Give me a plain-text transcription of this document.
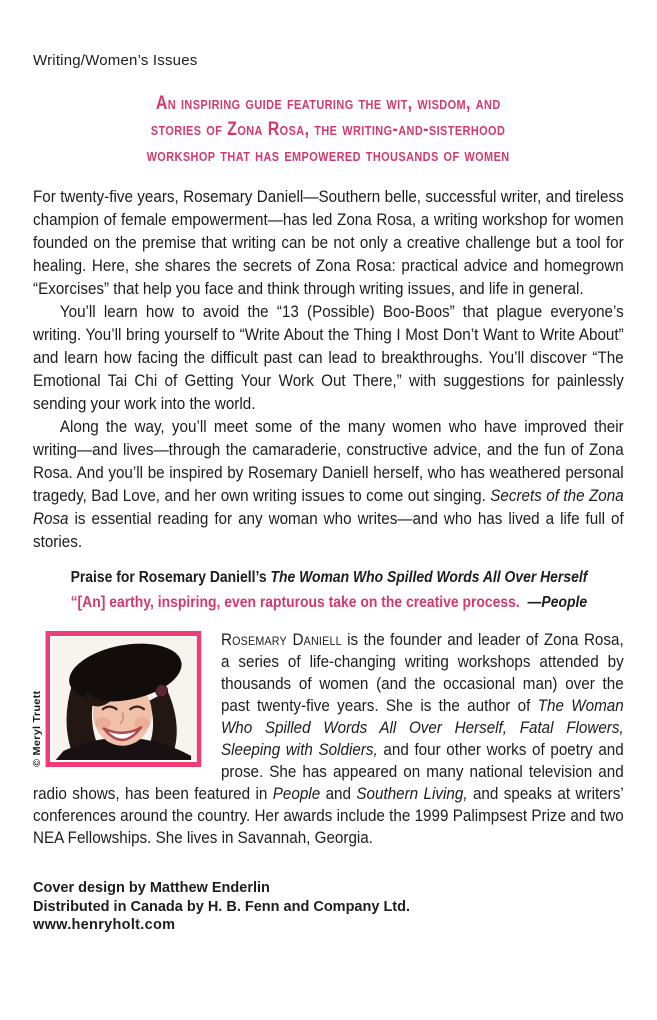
Writing/Women’s Issues
An inspiring guide featuring the wit, wisdom, and
stories of Zona Rosa, the writing-and-sisterhood
workshop that has empowered thousands of women

For twenty-five years, Rosemary Daniell—Southern belle, successful writer, and tireless champion of female empowerment—has led Zona Rosa, a writing workshop for women founded on the premise that writing can be not only a creative challenge but a tool for healing. Here, she shares the secrets of Zona Rosa: practical advice and homegrown “Exorcises” that help you face and think through writing issues, and life in general.

You’ll learn how to avoid the “13 (Possible) Boo-Boos” that plague everyone’s writing. You’ll bring yourself to “Write About the Thing I Most Don’t Want to Write About” and learn how facing the difficult past can lead to breakthroughs. You’ll discover “The Emotional Tai Chi of Getting Your Work Out There,” with suggestions for painlessly sending your work into the world.

Along the way, you’ll meet some of the many women who have improved their writing—and lives—through the camaraderie, constructive advice, and the fun of Zona Rosa. And you’ll be inspired by Rosemary Daniell herself, who has weathered personal tragedy, Bad Love, and her own writing issues to come out singing. Secrets of the Zona Rosa is essential reading for any woman who writes—and who has lived a life full of stories.

Praise for Rosemary Daniell’s The Woman Who Spilled Words All Over Herself
“[An] earthy, inspiring, even rapturous take on the creative process.  —People
© Meryl Truett
Rosemary Daniell is the founder and leader of Zona Rosa, a series of life-changing writing workshops attended by thousands of women (and the occasional man) over the past twenty-five years. She is the author of The Woman Who Spilled Words All Over Herself, Fatal Flowers, Sleeping with Soldiers, and four other works of poetry and prose. She has appeared on many national television and radio shows, has been featured in People and Southern Living, and speaks at writers’ conferences around the country. Her awards include the 1999 Palimpsest Prize and two NEA Fellowships. She lives in Savannah, Georgia.
Cover design by Matthew Enderlin
Distributed in Canada by H. B. Fenn and Company Ltd.
www.henryholt.com
